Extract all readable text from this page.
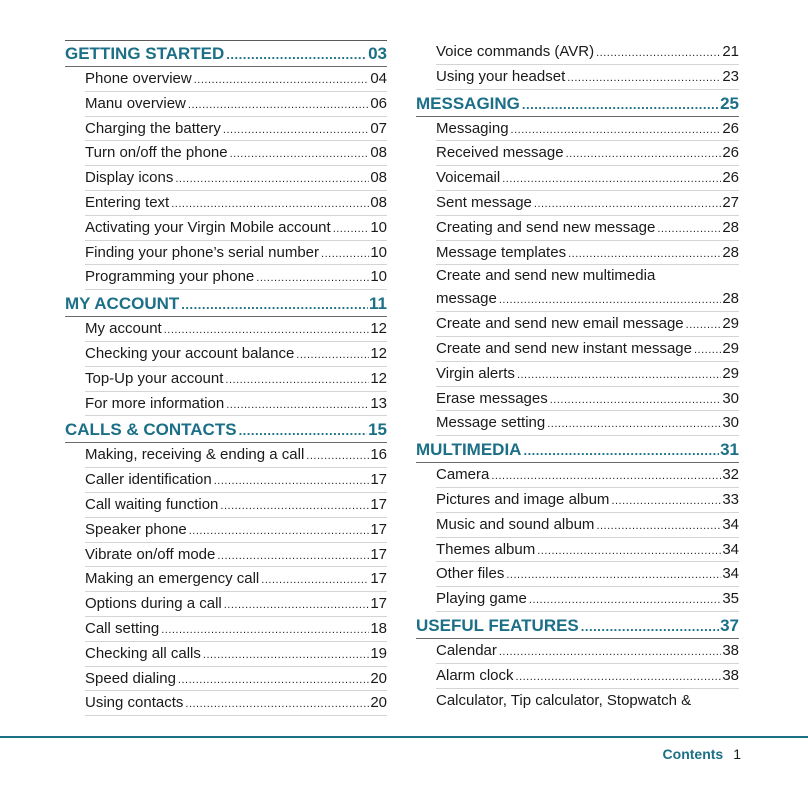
GETTING STARTED .....	03
Phone overview .....	04
Manu overview .....	06
Charging the battery .....	07
Turn on/off the phone .....	08
Display icons .....	08
Entering text .....	08
Activating your Virgin Mobile account .....	10
Finding your phone’s serial number .....	10
Programming your phone .....	10
MY ACCOUNT .....	11
My account .....	12
Checking your account balance .....	12
Top-Up your account .....	12
For more information .....	13
CALLS & CONTACTS .....	15
Making, receiving & ending a call .....	16
Caller identification .....	17
Call waiting function .....	17
Speaker phone .....	17
Vibrate on/off mode .....	17
Making an emergency call .....	17
Options during a call .....	17
Call setting .....	18
Checking all calls .....	19
Speed dialing .....	20
Using contacts .....	20
Voice commands (AVR) .....	21
Using your headset .....	23
MESSAGING .....	25
Messaging .....	26
Received message .....	26
Voicemail .....	26
Sent message .....	27
Creating and send new message .....	28
Message templates .....	28
Create and send new multimedia
message .....	28
Create and send new email message .....	29
Create and send new instant message ..... 29
Virgin alerts .....	29
Erase messages .....	30
Message setting .....	30
MULTIMEDIA .....	31
Camera .....	32
Pictures and image album .....	33
Music and sound album .....	34
Themes album .....	34
Other files .....	34
Playing game .....	35
USEFUL FEATURES .....	37
Calendar .....	38
Alarm clock .....	38
Calculator, Tip calculator, Stopwatch &
Contents 1
